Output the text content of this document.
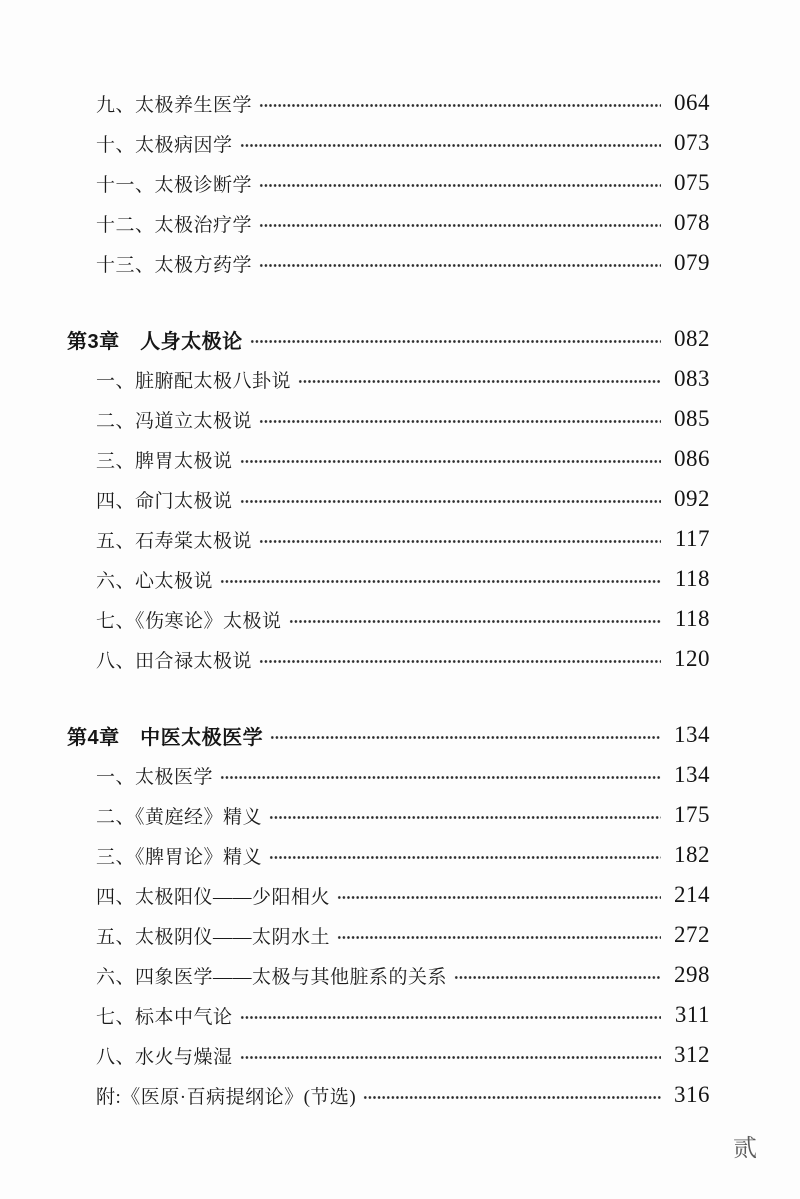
九、太极养生医学	064
十、太极病因学	073
十一、太极诊断学	075
十二、太极治疗学	078
十三、太极方药学	079
第3章　人身太极论	082
一、脏腑配太极八卦说	083
二、冯道立太极说	085
三、脾胃太极说	086
四、命门太极说	092
五、石寿棠太极说	117
六、心太极说	118
七、《伤寒论》太极说	118
八、田合禄太极说	120
第4章　中医太极医学	134
一、太极医学	134
二、《黄庭经》精义	175
三、《脾胃论》精义	182
四、太极阳仪——少阳相火	214
五、太极阴仪——太阴水土	272
六、四象医学——太极与其他脏系的关系	298
七、标本中气论	311
八、水火与燥湿	312
附:《医原·百病提纲论》(节选)	316
贰
